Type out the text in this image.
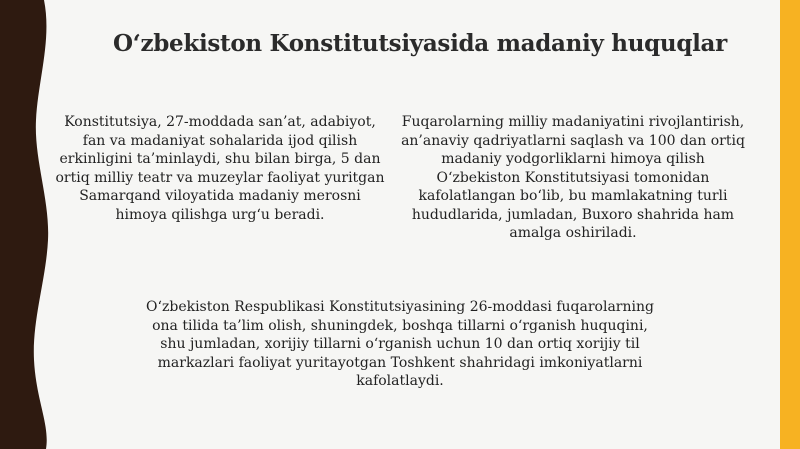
O‘zbekiston Konstitutsiyasida madaniy huquqlar
Konstitutsiya, 27-moddada san’at, adabiyot, fan va madaniyat sohalarida ijod qilish erkinligini ta’minlaydi, shu bilan birga, 5 dan ortiq milliy teatr va muzeylar faoliyat yuritgan Samarqand viloyatida madaniy merosni himoya qilishga urg‘u beradi.
Fuqarolarning milliy madaniyatini rivojlantirish, an’anaviy qadriyatlarni saqlash va 100 dan ortiq madaniy yodgorliklarni himoya qilish O‘zbekiston Konstitutsiyasi tomonidan kafolatlangan bo‘lib, bu mamlakatning turli hududlarida, jumladan, Buxoro shahrida ham amalga oshiriladi.
O‘zbekiston Respublikasi Konstitutsiyasining 26-moddasi fuqarolarning ona tilida ta’lim olish, shuningdek, boshqa tillarni o‘rganish huquqini, shu jumladan, xorijiy tillarni o‘rganish uchun 10 dan ortiq xorijiy til markazlari faoliyat yuritayotgan Toshkent shahridagi imkoniyatlarni kafolatlaydi.
